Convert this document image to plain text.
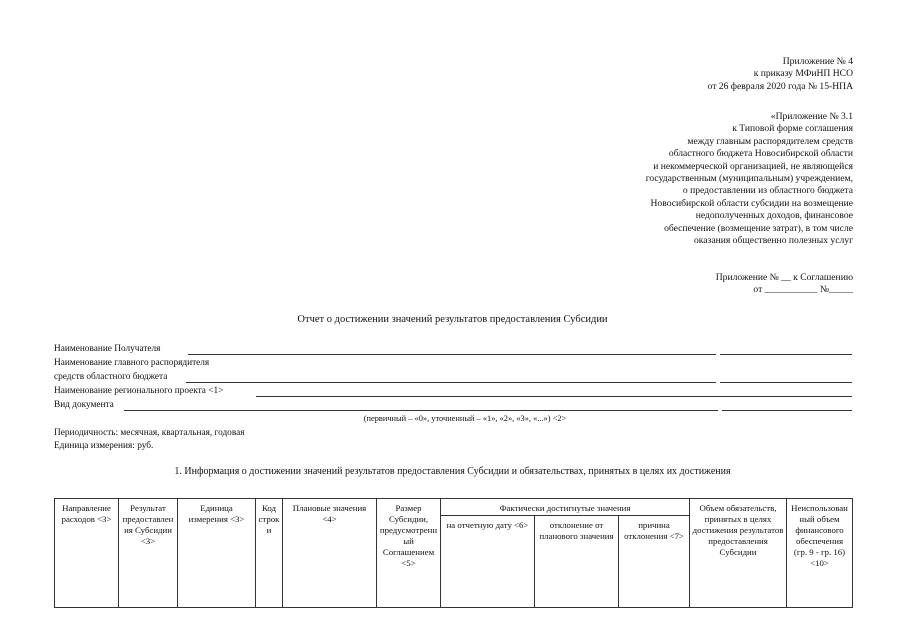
Приложение № 4
к приказу МФиНП НСО
от 26 февраля 2020 года № 15-НПА
«Приложение № 3.1
к Типовой форме соглашения
между главным распорядителем средств
областного бюджета Новосибирской области
и некоммерческой организацией, не являющейся
государственным (муниципальным) учреждением,
о предоставлении из областного бюджета
Новосибирской области субсидии на возмещение
недополученных доходов, финансовое
обеспечение (возмещение затрат), в том числе
оказания общественно полезных услуг
Приложение № __ к Соглашению
от ___________ №_____
Отчет о достижении значений результатов предоставления Субсидии
Наименование Получателя
Наименование главного распорядителя
средств областного бюджета
Наименование регионального проекта <1>
Вид документа
(первичный – «0», уточненный – «1», «2», «3», «...») <2>
Периодичность: месячная, квартальная, годовая
Единица измерения: руб.
1. Информация о достижении значений результатов предоставления Субсидии и обязательствах, принятых в целях их достижения
Направление расходов <3>	Результат предоставления Субсидии <3>	Единица измерения <3>	Код строки	Плановые значения <4>	Размер Субсидии, предусмотренный Соглашением <5>	Фактически достигнутые значения			Объем обязательств, принятых в целях достижения результатов предоставления Субсидии	Неиспользованный объем финансового обеспечения (гр. 9 - гр. 16) <10>
						на отчетную дату <6>	отклонение от планового значения	причина отклонения <7>		
